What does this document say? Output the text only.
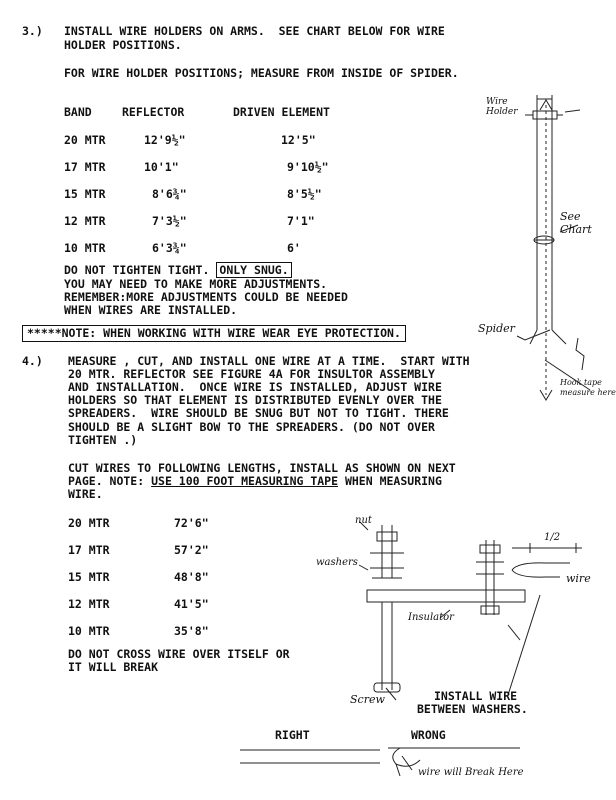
3.) INSTALL WIRE HOLDERS ON ARMS.  SEE CHART BELOW FOR WIRE
HOLDER POSITIONS.
FOR WIRE HOLDER POSITIONS; MEASURE FROM INSIDE OF SPIDER.
BAND	REFLECTOR	DRIVEN ELEMENT
20 MTR	12'9½"	12'5"
17 MTR	10'1"	9'10½"
15 MTR	8'6¾"	8'5½"
12 MTR	7'3½"	7'1"
10 MTR	6'3¾"	6'
DO NOT TIGHTEN TIGHT. ONLY SNUG.
YOU MAY NEED TO MAKE MORE ADJUSTMENTS.
REMEMBER:MORE ADJUSTMENTS COULD BE NEEDED
WHEN WIRES ARE INSTALLED.
*****NOTE: WHEN WORKING WITH WIRE WEAR EYE PROTECTION.
4.) MEASURE , CUT, AND INSTALL ONE WIRE AT A TIME.  START WITH
20 MTR. REFLECTOR SEE FIGURE 4A FOR INSULTOR ASSEMBLY
AND INSTALLATION.  ONCE WIRE IS INSTALLED, ADJUST WIRE
HOLDERS SO THAT ELEMENT IS DISTRIBUTED EVENLY OVER THE
SPREADERS.  WIRE SHOULD BE SNUG BUT NOT TO TIGHT. THERE
SHOULD BE A SLIGHT BOW TO THE SPREADERS. (DO NOT OVER
TIGHTEN .)
CUT WIRES TO FOLLOWING LENGTHS, INSTALL AS SHOWN ON NEXT
PAGE. NOTE: USE 100 FOOT MEASURING TAPE WHEN MEASURING
WIRE.
20 MTR	72'6"
17 MTR	57'2"
15 MTR	48'8"
12 MTR	41'5"
10 MTR	35'8"
DO NOT CROSS WIRE OVER ITSELF OR
IT WILL BREAK
Wire
Holder
See
Chart
Spider
Hook tape
measure here
nut
washers
Insulator
Screw
wire
1/2
INSTALL WIRE
BETWEEN WASHERS.
RIGHT	WRONG
wire will Break Here
